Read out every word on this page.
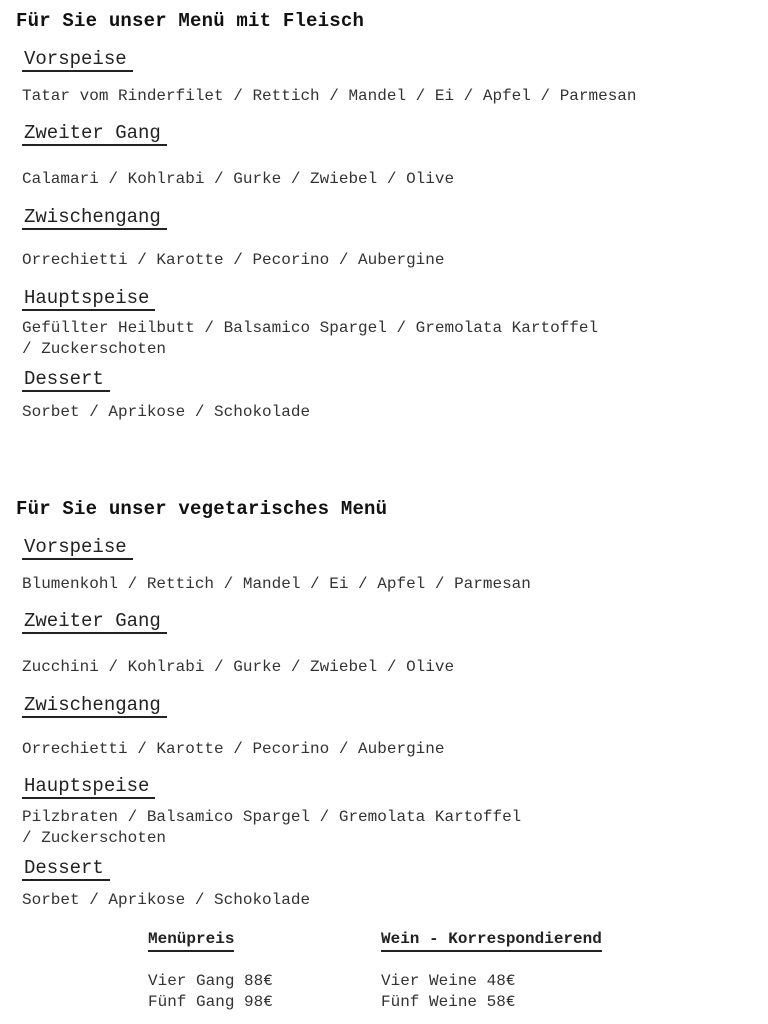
Für Sie unser Menü mit Fleisch
Vorspeise

Tatar vom Rinderfilet / Rettich / Mandel / Ei / Apfel / Parmesan

Zweiter Gang

Calamari / Kohlrabi / Gurke / Zwiebel / Olive

Zwischengang

Orrechietti / Karotte / Pecorino / Aubergine

Hauptspeise

Gefüllter Heilbutt / Balsamico Spargel / Gremolata Kartoffel

/ Zuckerschoten

Dessert

Sorbet / Aprikose / Schokolade

Für Sie unser vegetarisches Menü
Vorspeise

Blumenkohl / Rettich / Mandel / Ei / Apfel / Parmesan

Zweiter Gang

Zucchini / Kohlrabi / Gurke / Zwiebel / Olive

Zwischengang

Orrechietti / Karotte / Pecorino / Aubergine

Hauptspeise

Pilzbraten / Balsamico Spargel / Gremolata Kartoffel

/ Zuckerschoten

Dessert

Sorbet / Aprikose / Schokolade

Menüpreis

Vier Gang 88€

Fünf Gang 98€

Wein - Korrespondierend

Vier Weine 48€

Fünf Weine 58€
